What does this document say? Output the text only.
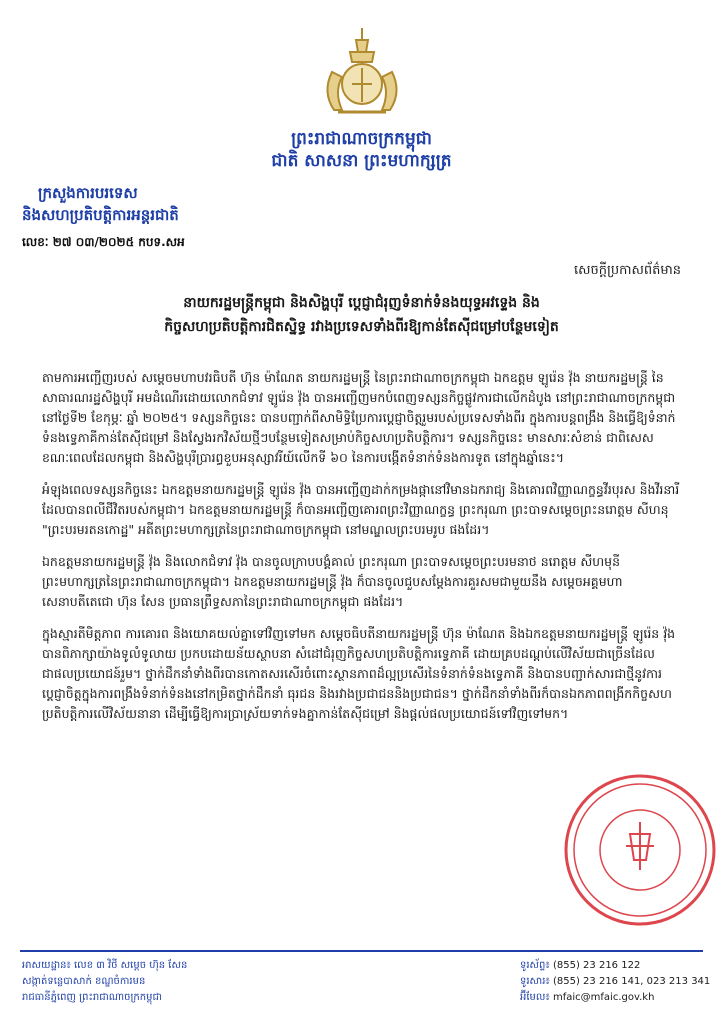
ព្រះរាជាណាចក្រកម្ពុជា
ជាតិ សាសនា ព្រះមហាក្សត្រ
ក្រសួងការបរទេស
និងសហប្រតិបត្តិការអន្តរជាតិ
លេខៈ ២៧ ០៣/២០២៥ កបទ.សអ
សេចក្ដីប្រកាសព័ត៌មាន
នាយករដ្ឋមន្ត្រីកម្ពុជា និងសិង្ហបុរី ប្ដេជ្ញាជំរុញទំនាក់ទំនងយុទ្ធអវទ្ទេង និង
កិច្ចសហប្រតិបត្តិការជិតស្និទ្ធ រវាងប្រទេសទាំងពីរឱ្យកាន់តែស៊ីជម្រៅបន្ថែមទៀត

តាមការអញ្ជើញរបស់ សម្ដេចមហាបវរធិបតី ហ៊ុន ម៉ាណែត នាយករដ្ឋមន្ត្រី នៃព្រះរាជាណាចក្រកម្ពុជា ឯកឧត្ដម ឡូរ៉េន វ៉ុង នាយករដ្ឋមន្ត្រី នៃសាធារណរដ្ឋសិង្ហបុរី អមដំណើរដោយលោកជំទាវ ឡូរ៉េន វ៉ុង បានអញ្ជើញមកបំពេញទស្សនកិច្ចផ្លូវការជាលើកដំបូង នៅព្រះរាជាណាចក្រកម្ពុជា នៅថ្ងៃទី២ ខែកុម្ភៈ ឆ្នាំ ២០២៥។ ទស្សនកិច្ចនេះ បានបញ្ជាក់ពីសាមិទ្ធិប្រែការប្ដេជ្ញាចិត្តរួមរបស់ប្រទេសទាំងពីរ ក្នុងការបន្តពង្រឹង និងធ្វើឱ្យទំនាក់ទំនងទ្វេភាគីកាន់តែស៊ីជម្រៅ និងស្វែងរកវិស័យថ្មីៗបន្ថែមទៀតសម្រាប់កិច្ចសហប្រតិបត្តិការ។ ទស្សនកិច្ចនេះ មានសារៈសំខាន់ ជាពិសេស ខណៈពេលដែលកម្ពុជា និងសិង្ហបុរីប្រារព្ធខួបអនុស្សាវរីយ៍លើកទី ៦០ នៃការបង្កើតទំនាក់ទំនងការទូត នៅក្នុងឆ្នាំនេះ។

អំឡុងពេលទស្សនកិច្ចនេះ ឯកឧត្ដមនាយករដ្ឋមន្ត្រី ឡូរ៉េន វ៉ុង បានអញ្ជើញដាក់កម្រងផ្កានៅវិមានឯករាជ្យ និងគោរពវិញ្ញាណក្ខន្ធវីរបុរស និងវីរនារីដែលបានពលីជីវិតរបស់កម្ពុជា។ ឯកឧត្ដមនាយករដ្ឋមន្ត្រី ក៏បានអញ្ជើញគោរពព្រះវិញ្ញាណក្ខន្ធ ព្រះករុណា ព្រះបាទសម្ដេចព្រះនរោត្តម សីហនុ "ព្រះបរមរតនកោដ្ឋ" អតីតព្រះមហាក្សត្រនៃព្រះរាជាណាចក្រកម្ពុជា នៅមណ្ឌលព្រះបរមរូប ផងដែរ។

ឯកឧត្ដមនាយករដ្ឋមន្ត្រី វ៉ុង និងលោកជំទាវ វ៉ុង បានចូលក្រាបបង្គំគាល់ ព្រះករុណា ព្រះបាទសម្ដេចព្រះបរមនាថ នរោត្តម សីហមុនី ព្រះមហាក្សត្រនៃព្រះរាជាណាចក្រកម្ពុជា។ ឯកឧត្ដមនាយករដ្ឋមន្ត្រី វ៉ុង ក៏បានចូលជួបសម្ដែងការគួរសមជាមួយនឹង សម្ដេចអគ្គមហាសេនាបតីតេជោ ហ៊ុន សែន ប្រធានព្រឹទ្ធសភានៃព្រះរាជាណាចក្រកម្ពុជា ផងដែរ។

ក្នុងស្មារតីមិត្តភាព ការគោរព និងយោគយល់គ្នាទៅវិញទៅមក សម្ដេចធិបតីនាយករដ្ឋមន្ត្រី ហ៊ុន ម៉ាណែត និងឯកឧត្ដមនាយករដ្ឋមន្ត្រី ឡូរ៉េន វ៉ុង បានពិភាក្សាយ៉ាងទូលំទូលាយ ប្រកបដោយន័យស្ថាបនា សំដៅជំរុញកិច្ចសហប្រតិបត្តិការទ្វេភាគី ដោយគ្របដណ្ដប់លើវិស័យជាច្រើនដែលជាផលប្រយោជន៍រួម។ ថ្នាក់ដឹកនាំទាំងពីរបានកោតសរសើរចំពោះស្ថានភាពដ៏ល្អប្រសើរនៃទំនាក់ទំនងទ្វេភាគី និងបានបញ្ជាក់សារជាថ្មីនូវការប្ដេជ្ញាចិត្តក្នុងការពង្រឹងទំនាក់ទំនងនៅកម្រិតថ្នាក់ដឹកនាំ ធុរជន និងរវាងប្រជាជននិងប្រជាជន។ ថ្នាក់ដឹកនាំទាំងពីរក៏បានឯកភាពពង្រីកកិច្ចសហប្រតិបត្តិការលើវិស័យនានា ដើម្បីធ្វើឱ្យការប្រាស្រ័យទាក់ទងគ្នាកាន់តែស៊ីជម្រៅ និងផ្ដល់ផលប្រយោជន៍ទៅវិញទៅមក។

អាសយដ្ឋាន៖ លេខ ៣ វិថី សម្ដេច ហ៊ុន សែន
សង្កាត់ទន្លេបាសាក់ ខណ្ឌចំការមន
រាជធានីភ្នំពេញ ព្រះរាជាណាចក្រកម្ពុជា
ទូរស័ព្ទ៖ (855) 23 216 122
ទូរសារ៖ (855) 23 216 141, 023 213 341
អ៊ីមែល៖ mfaic@mfaic.gov.kh
